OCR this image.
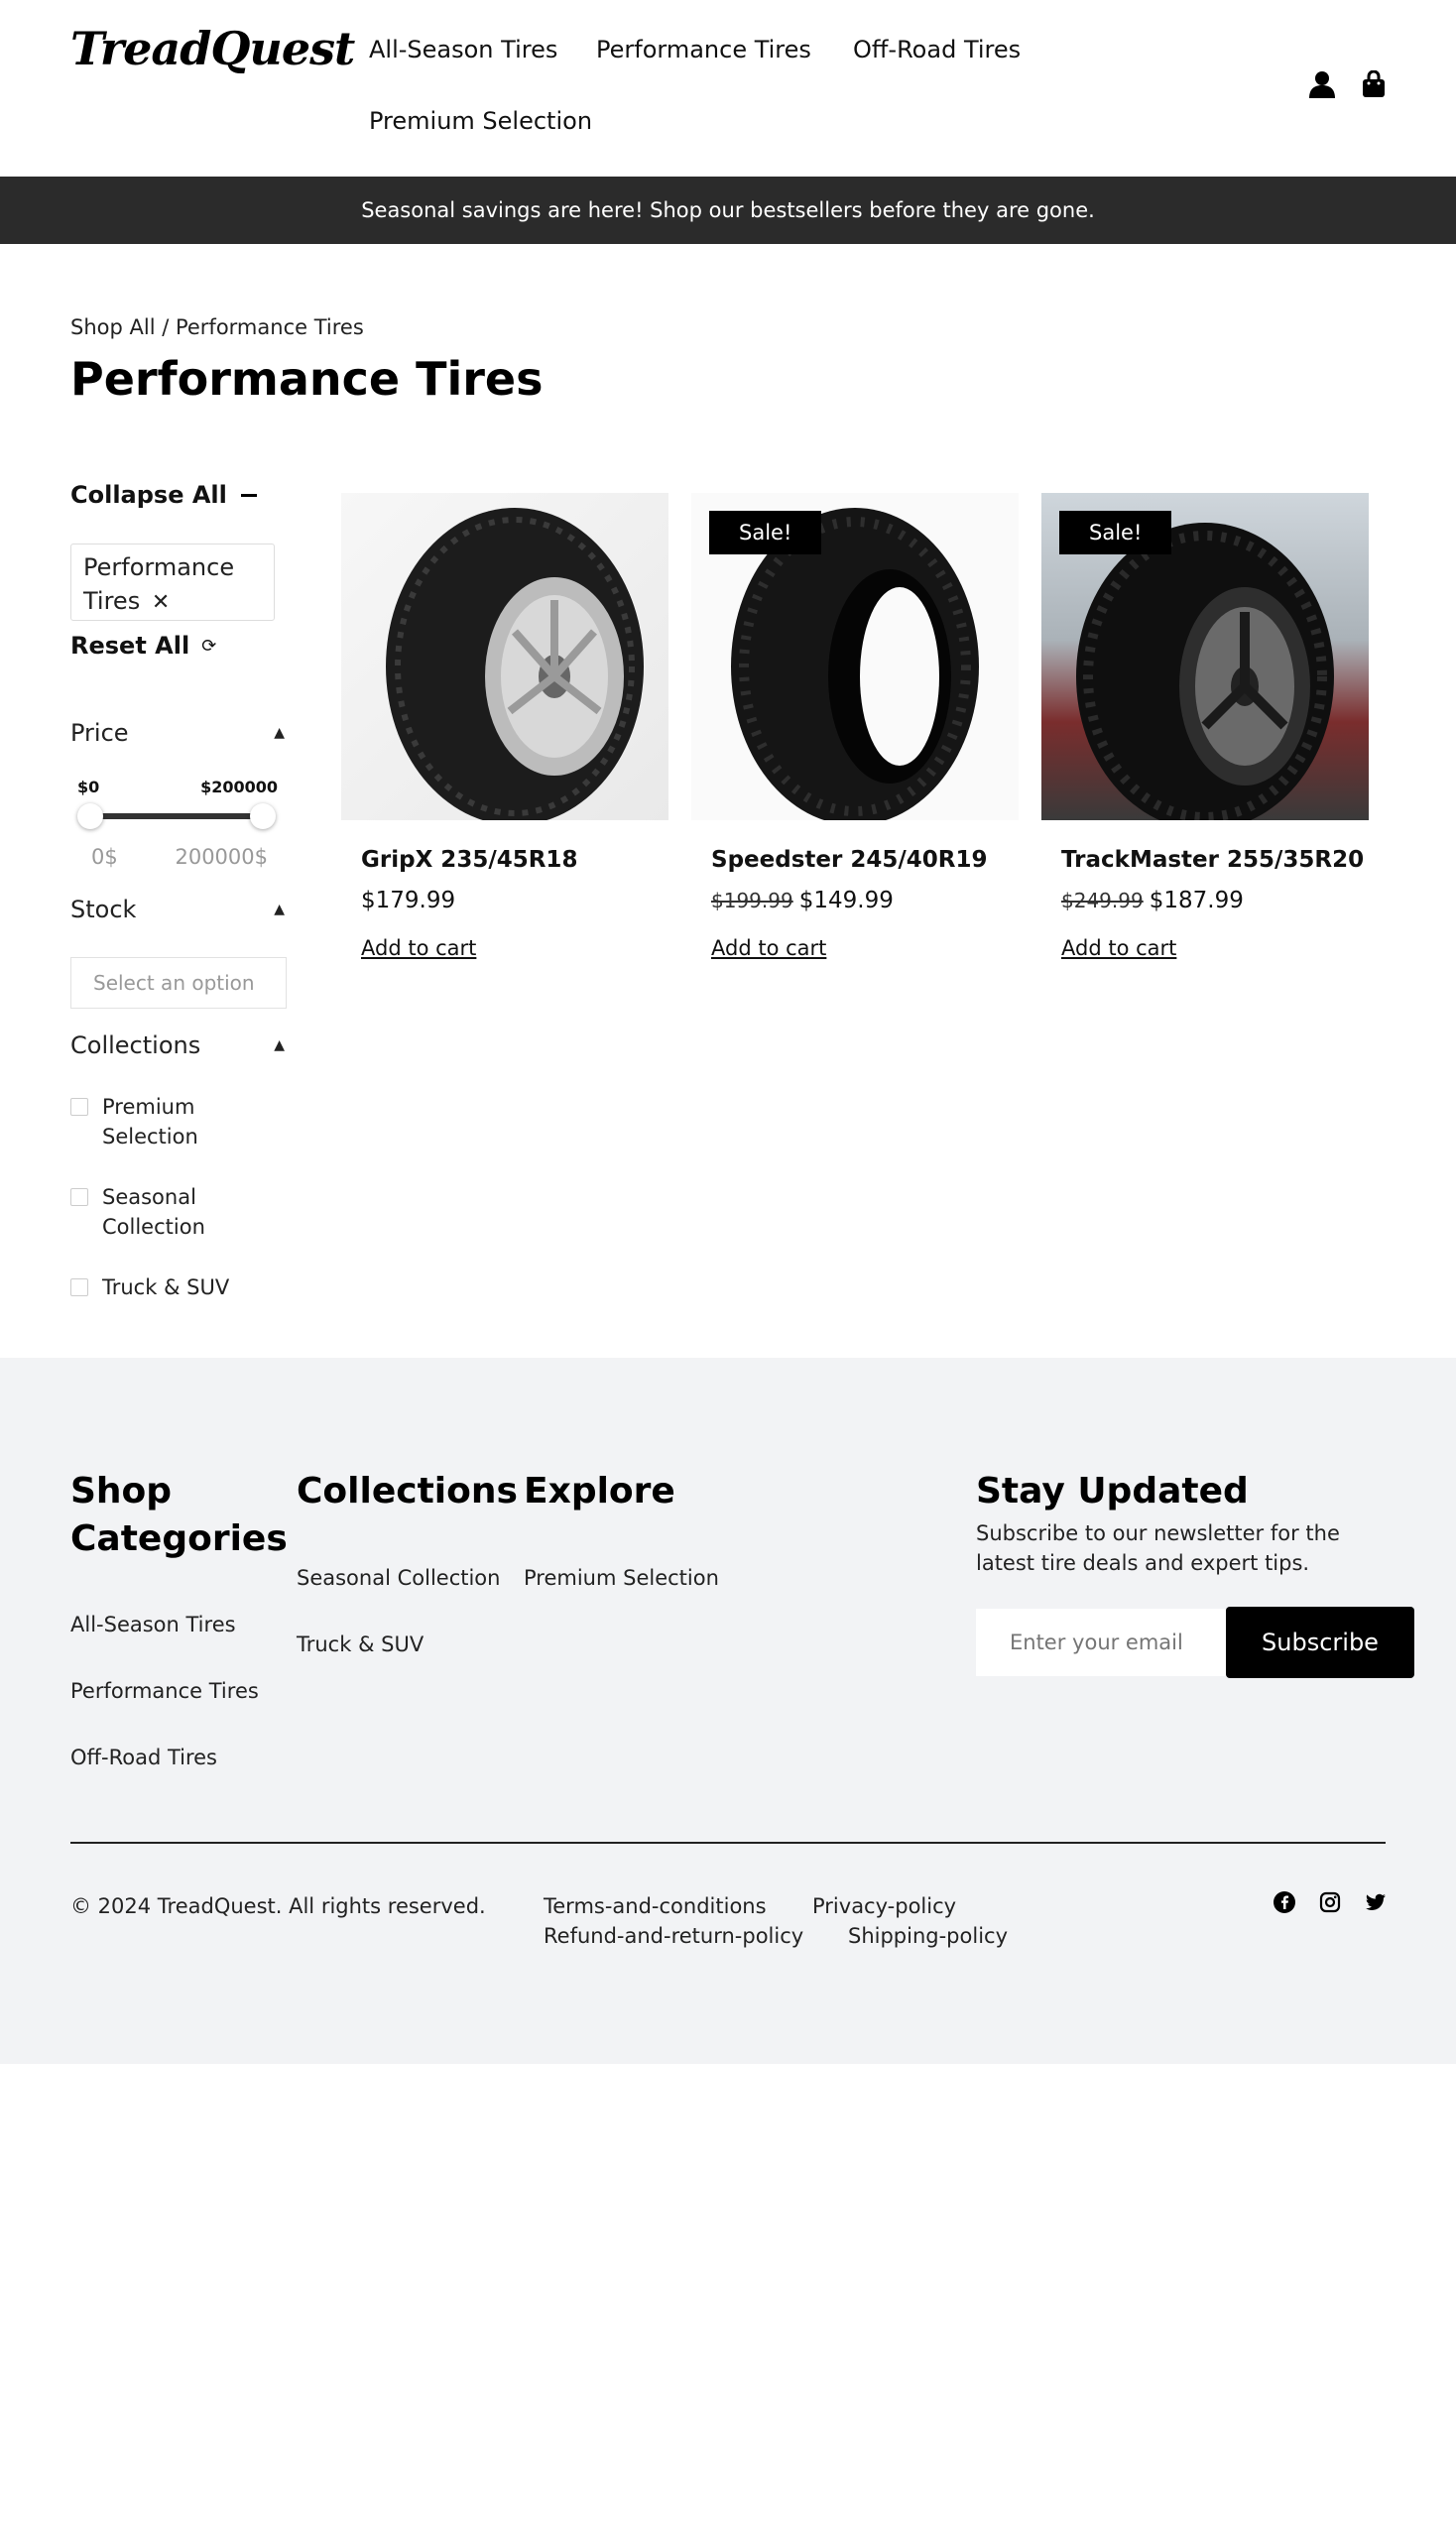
TreadQuest All-Season Tires Performance Tires Off-Road Tires
Premium Selection
Seasonal savings are here! Shop our bestsellers before they are gone.
Shop All / Performance Tires
Performance Tires
Collapse All
Performance Tires ✕
Reset All ⟳
Price	▲
$0	$200000
0$	200000$
Stock	▲
Select an option
Collections	▲
Premium Selection
Seasonal Collection
Truck & SUV
GripX 235/45R18
$179.99
Add to cart
Sale!
Speedster 245/40R19
$199.99 $149.99
Add to cart
Sale!
TrackMaster 255/35R20
$249.99 $187.99
Add to cart
Shop Categories
All-Season Tires
Performance Tires
Off-Road Tires
Collections
Seasonal Collection
Truck & SUV
Explore
Premium Selection
Stay Updated
Subscribe to our newsletter for the latest tire deals and expert tips.
Enter your email
Subscribe
© 2024 TreadQuest. All rights reserved.	Terms-and-conditions Privacy-policy
Refund-and-return-policy Shipping-policy
